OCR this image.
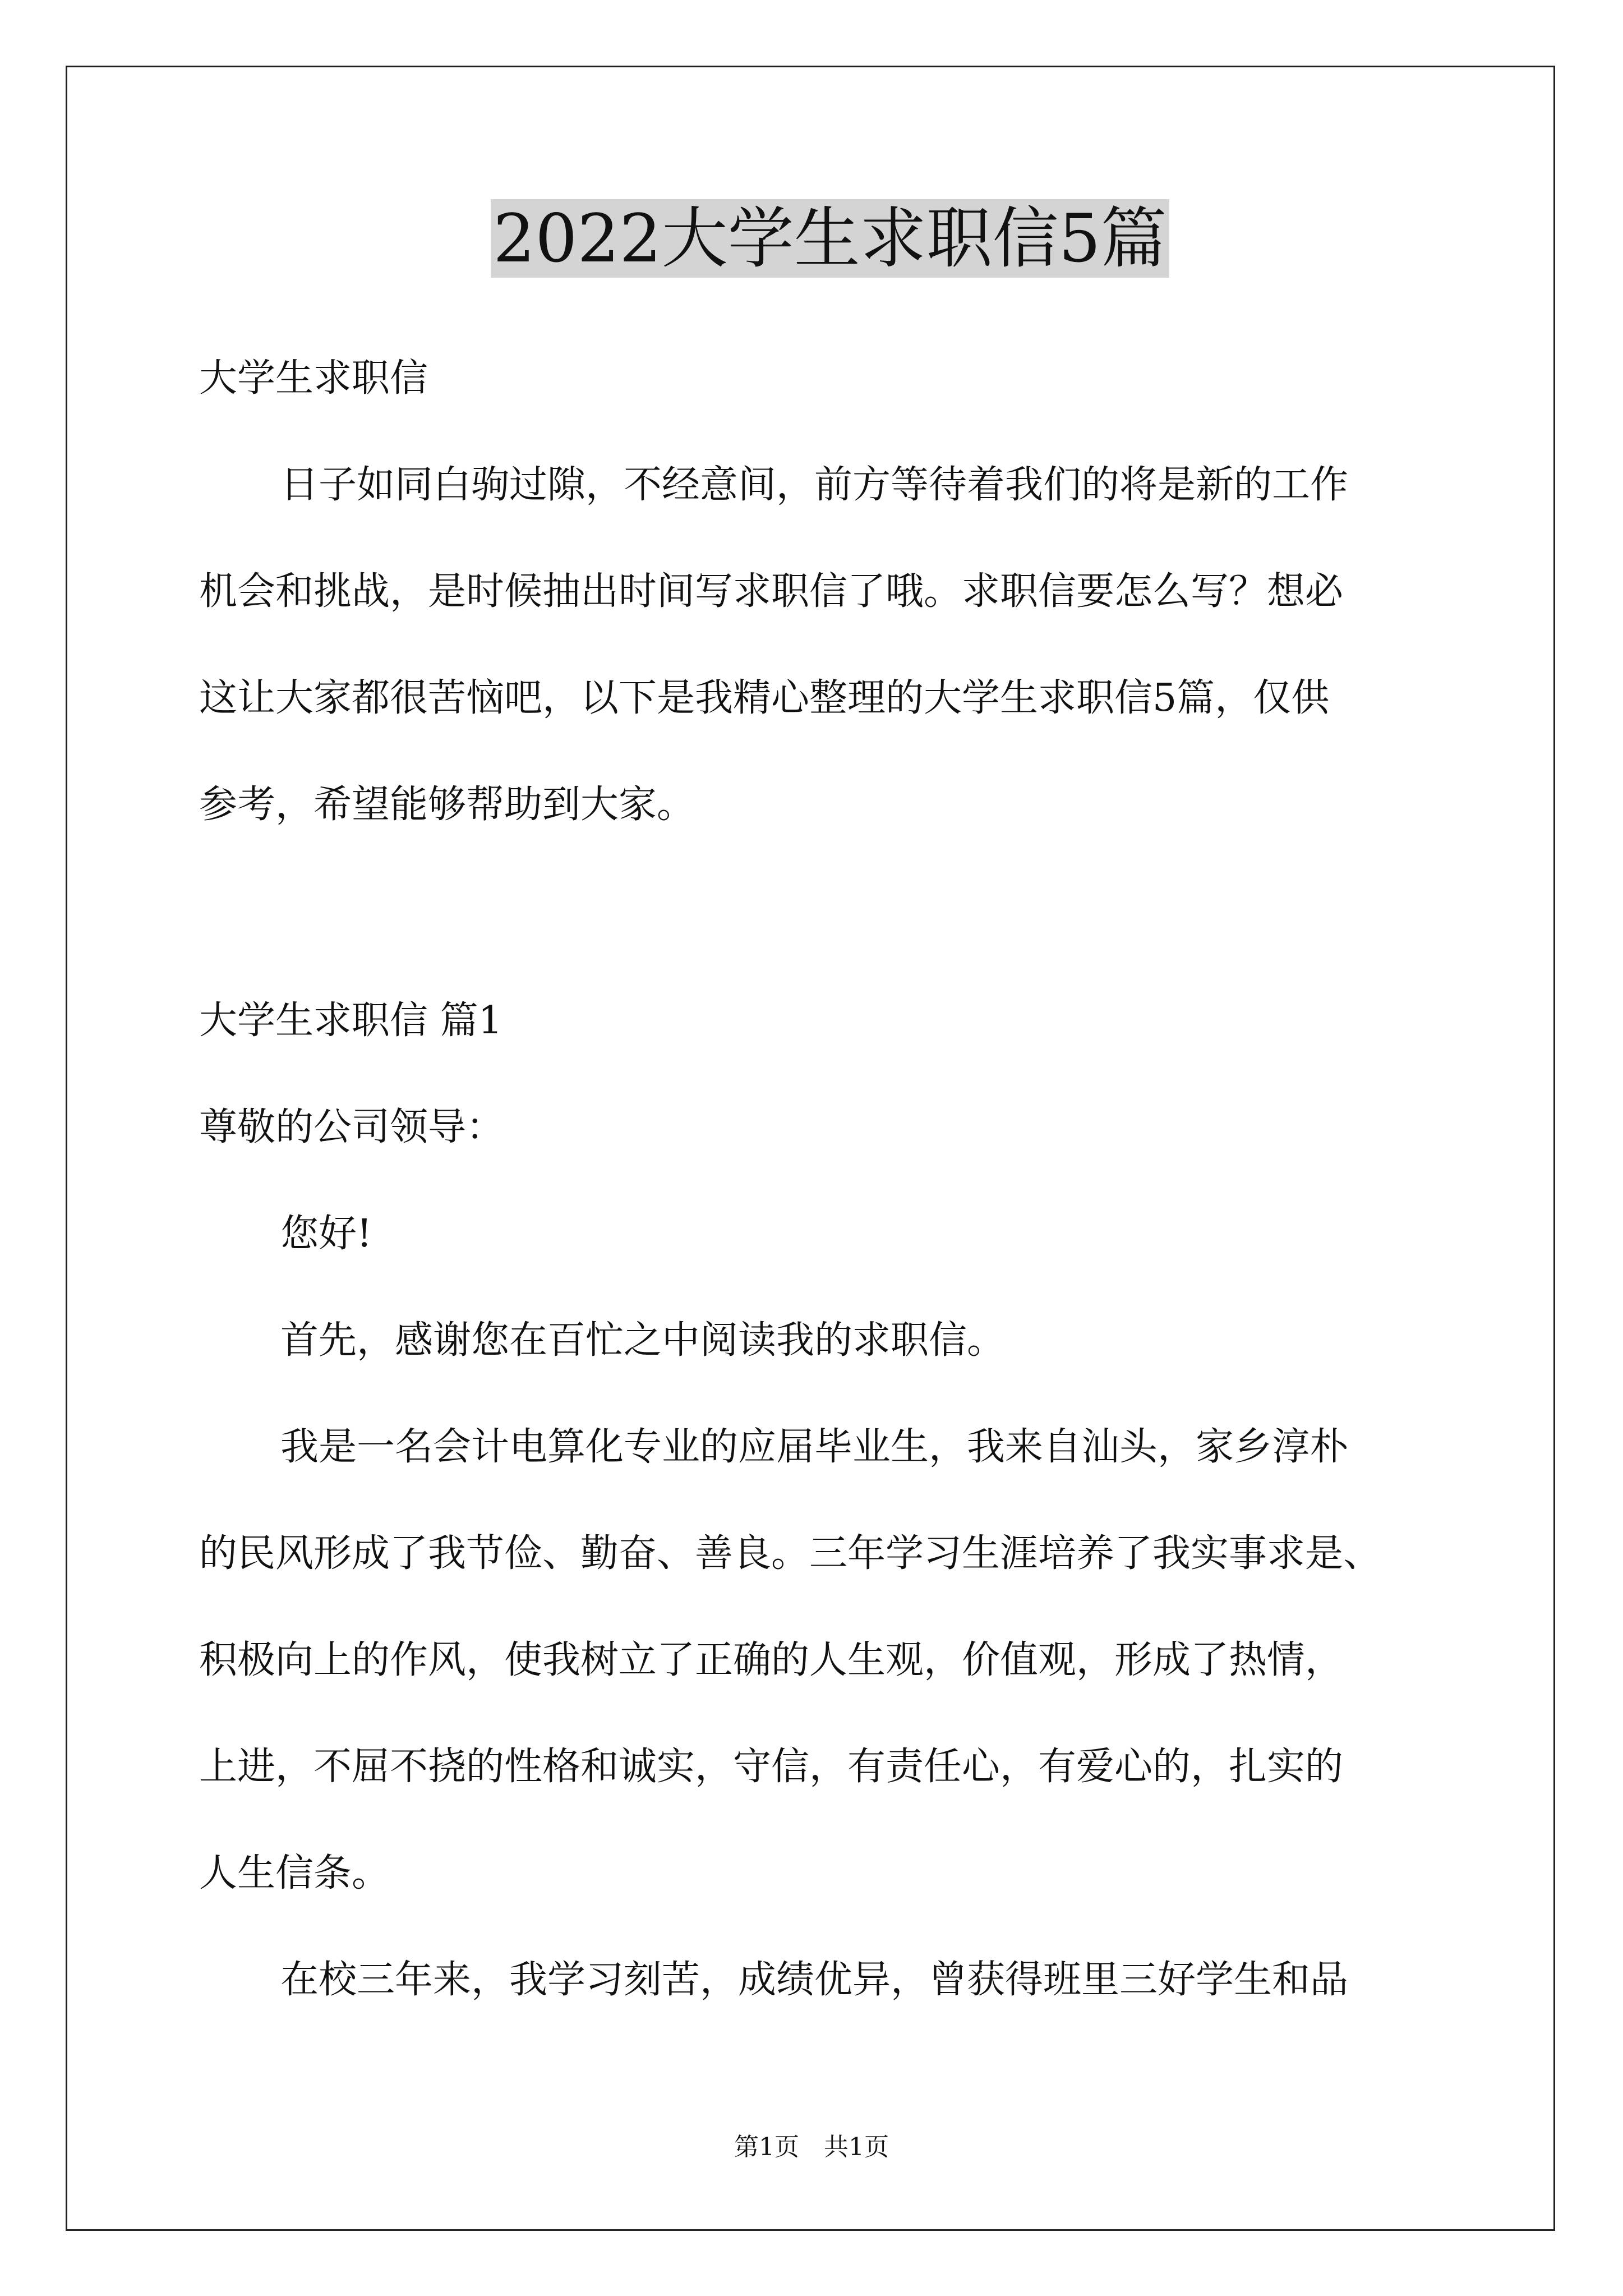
2022大学生求职信5篇
大学生求职信
日子如同白驹过隙，不经意间，前方等待着我们的将是新的工作
机会和挑战，是时候抽出时间写求职信了哦。求职信要怎么写？想必
这让大家都很苦恼吧，以下是我精心整理的大学生求职信5篇，仅供
参考，希望能够帮助到大家。
大学生求职信 篇1
尊敬的公司领导：
您好!
首先，感谢您在百忙之中阅读我的求职信。
我是一名会计电算化专业的应届毕业生，我来自汕头，家乡淳朴
的民风形成了我节俭、勤奋、善良。三年学习生涯培养了我实事求是、
积极向上的作风，使我树立了正确的人生观，价值观，形成了热情，
上进，不屈不挠的性格和诚实，守信，有责任心，有爱心的，扎实的
人生信条。
在校三年来，我学习刻苦，成绩优异，曾获得班里三好学生和品
第1页　共1页
